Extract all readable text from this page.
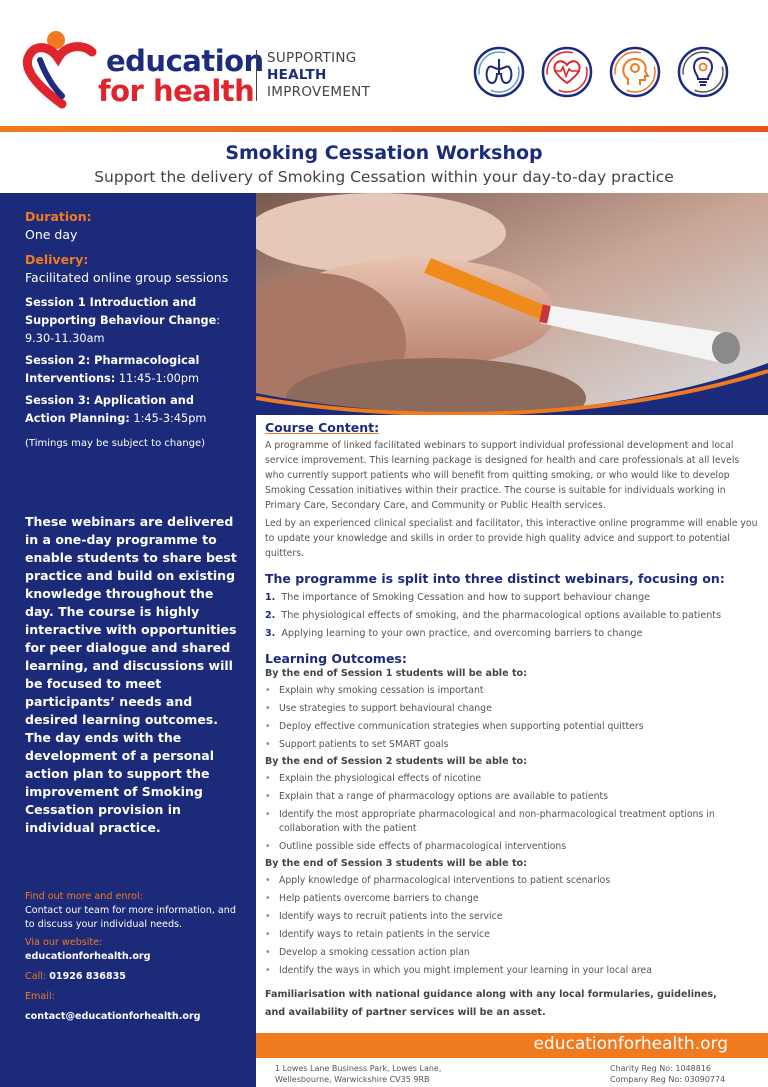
education
for health
SUPPORTING
HEALTH
IMPROVEMENT
Smoking Cessation Workshop
Support the delivery of Smoking Cessation within your day-to-day practice
Duration:
One day
Delivery:
Facilitated online group sessions
Session 1 Introduction and Supporting Behaviour Change: 9.30-11.30am
Session 2: Pharmacological Interventions: 11:45-1:00pm
Session 3: Application and Action Planning: 1:45-3:45pm
(Timings may be subject to change)
These webinars are delivered in a one-day programme to enable students to share best practice and build on existing knowledge throughout the day. The course is highly interactive with opportunities for peer dialogue and shared learning, and discussions will be focused to meet participants’ needs and desired learning outcomes. The day ends with the development of a personal action plan to support the improvement of Smoking Cessation provision in individual practice.
Find out more and enrol:
Contact our team for more information, and to discuss your individual needs.
Via our website:
educationforhealth.org
Call: 01926 836835
Email:
contact@educationforhealth.org
Course Content:
A programme of linked facilitated webinars to support individual professional development and local service improvement. This learning package is designed for health and care professionals at all levels who currently support patients who will benefit from quitting smoking, or who would like to develop Smoking Cessation initiatives within their practice. The course is suitable for individuals working in Primary Care, Secondary Care, and Community or Public Health services.
Led by an experienced clinical specialist and facilitator, this interactive online programme will enable you to update your knowledge and skills in order to provide high quality advice and support to potential quitters.
The programme is split into three distinct webinars, focusing on:
1. The importance of Smoking Cessation and how to support behaviour change
2. The physiological effects of smoking, and the pharmacological options available to patients
3. Applying learning to your own practice, and overcoming barriers to change
Learning Outcomes:
By the end of Session 1 students will be able to:
• Explain why smoking cessation is important
• Use strategies to support behavioural change
• Deploy effective communication strategies when supporting potential quitters
• Support patients to set SMART goals
By the end of Session 2 students will be able to:
• Explain the physiological effects of nicotine
• Explain that a range of pharmacology options are available to patients
• Identify the most appropriate pharmacological and non-pharmacological treatment options in collaboration with the patient
• Outline possible side effects of pharmacological interventions
By the end of Session 3 students will be able to:
• Apply knowledge of pharmacological interventions to patient scenarios
• Help patients overcome barriers to change
• Identify ways to recruit patients into the service
• Identify ways to retain patients in the service
• Develop a smoking cessation action plan
• Identify the ways in which you might implement your learning in your local area
Familiarisation with national guidance along with any local formularies, guidelines,
and availability of partner services will be an asset.
educationforhealth.org
1 Lowes Lane Business Park, Lowes Lane,
Wellesbourne, Warwickshire CV35 9RB
Charity Reg No: 1048816
Company Reg No: 03090774
